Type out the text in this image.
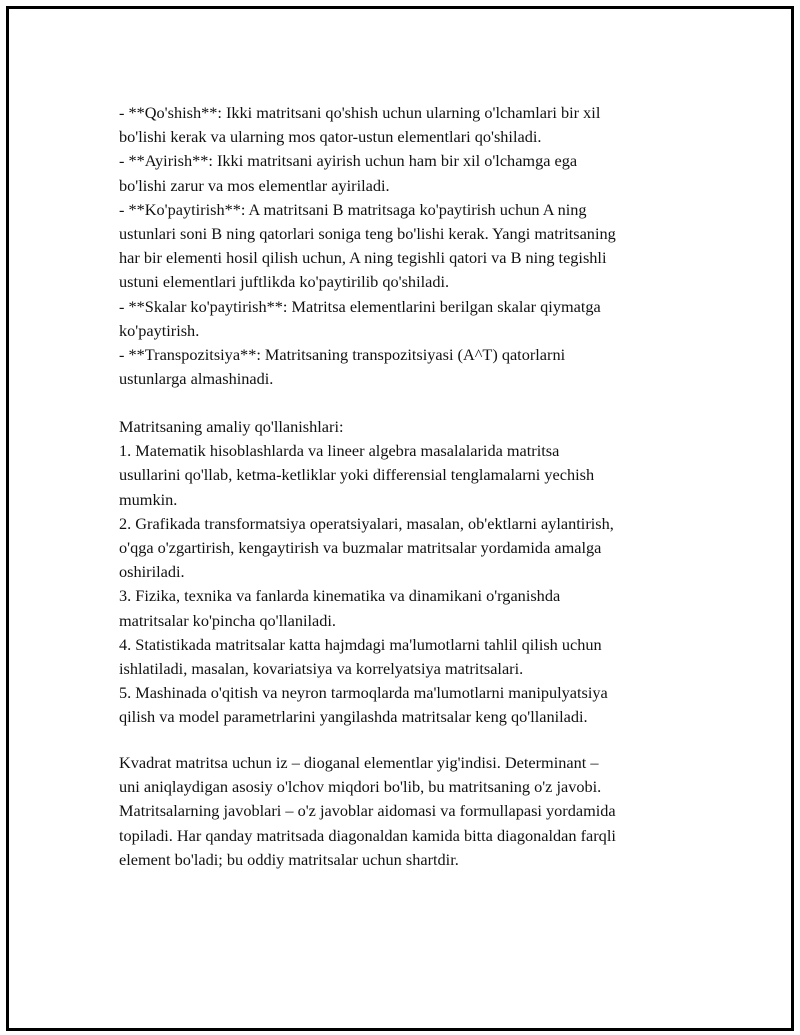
- **Qo'shish**: Ikki matritsani qo'shish uchun ularning o'lchamlari bir xil
bo'lishi kerak va ularning mos qator-ustun elementlari qo'shiladi.
- **Ayirish**: Ikki matritsani ayirish uchun ham bir xil o'lchamga ega
bo'lishi zarur va mos elementlar ayiriladi.
- **Ko'paytirish**: A matritsani B matritsaga ko'paytirish uchun A ning
ustunlari soni B ning qatorlari soniga teng bo'lishi kerak. Yangi matritsaning
har bir elementi hosil qilish uchun, A ning tegishli qatori va B ning tegishli
ustuni elementlari juftlikda ko'paytirilib qo'shiladi.
- **Skalar ko'paytirish**: Matritsa elementlarini berilgan skalar qiymatga
ko'paytirish.
- **Transpozitsiya**: Matritsaning transpozitsiyasi (A^T) qatorlarni
ustunlarga almashinadi.
Matritsaning amaliy qo'llanishlari:
1. Matematik hisoblashlarda va lineer algebra masalalarida matritsa
usullarini qo'llab, ketma-ketliklar yoki differensial tenglamalarni yechish
mumkin.
2. Grafikada transformatsiya operatsiyalari, masalan, ob'ektlarni aylantirish,
o'qga o'zgartirish, kengaytirish va buzmalar matritsalar yordamida amalga
oshiriladi.
3. Fizika, texnika va fanlarda kinematika va dinamikani o'rganishda
matritsalar ko'pincha qo'llaniladi.
4. Statistikada matritsalar katta hajmdagi ma'lumotlarni tahlil qilish uchun
ishlatiladi, masalan, kovariatsiya va korrelyatsiya matritsalari.
5. Mashinada o'qitish va neyron tarmoqlarda ma'lumotlarni manipulyatsiya
qilish va model parametrlarini yangilashda matritsalar keng qo'llaniladi.
Kvadrat matritsa uchun iz – dioganal elementlar yig'indisi. Determinant –
uni aniqlaydigan asosiy o'lchov miqdori bo'lib, bu matritsaning o'z javobi.
Matritsalarning javoblari – o'z javoblar aidomasi va formullapasi yordamida
topiladi. Har qanday matritsada diagonaldan kamida bitta diagonaldan farqli
element bo'ladi; bu oddiy matritsalar uchun shartdir.
